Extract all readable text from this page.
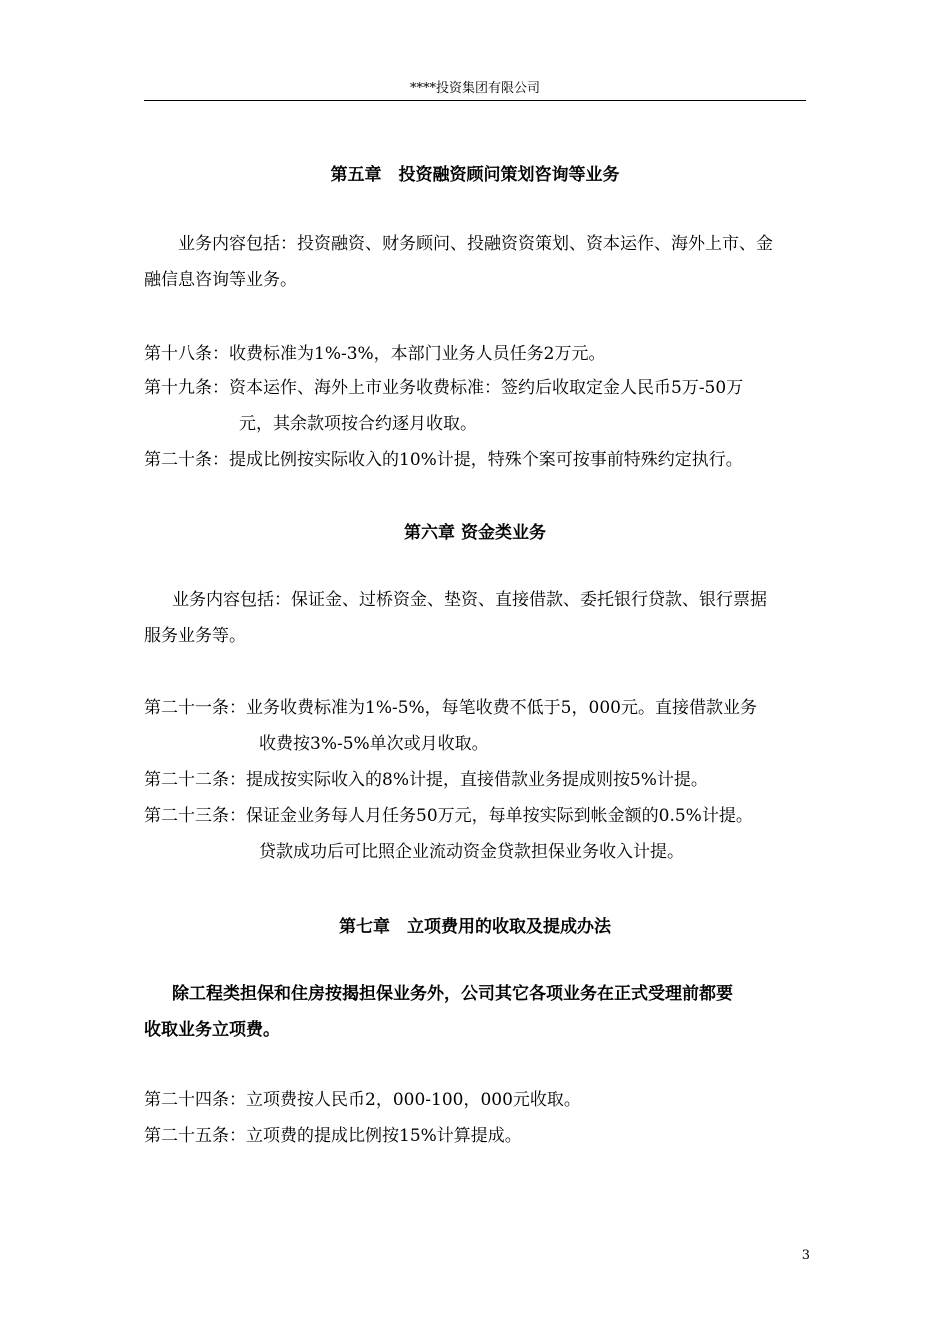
****投资集团有限公司
第五章　投资融资顾问策划咨询等业务
业务内容包括：投资融资、财务顾问、投融资资策划、资本运作、海外上市、金
融信息咨询等业务。
第十八条：收费标准为1%-3%，本部门业务人员任务2万元。
第十九条：资本运作、海外上市业务收费标准：签约后收取定金人民币5万-50万
元，其余款项按合约逐月收取。
第二十条：提成比例按实际收入的10%计提，特殊个案可按事前特殊约定执行。
第六章 资金类业务
业务内容包括：保证金、过桥资金、垫资、直接借款、委托银行贷款、银行票据
服务业务等。
第二十一条：业务收费标准为1%-5%，每笔收费不低于5，000元。直接借款业务
收费按3%-5%单次或月收取。
第二十二条：提成按实际收入的8%计提，直接借款业务提成则按5%计提。
第二十三条：保证金业务每人月任务50万元，每单按实际到帐金额的0.5%计提。
贷款成功后可比照企业流动资金贷款担保业务收入计提。
第七章　立项费用的收取及提成办法
除工程类担保和住房按揭担保业务外，公司其它各项业务在正式受理前都要
收取业务立项费。
第二十四条：立项费按人民币2，000-100，000元收取。
第二十五条：立项费的提成比例按15%计算提成。
3
